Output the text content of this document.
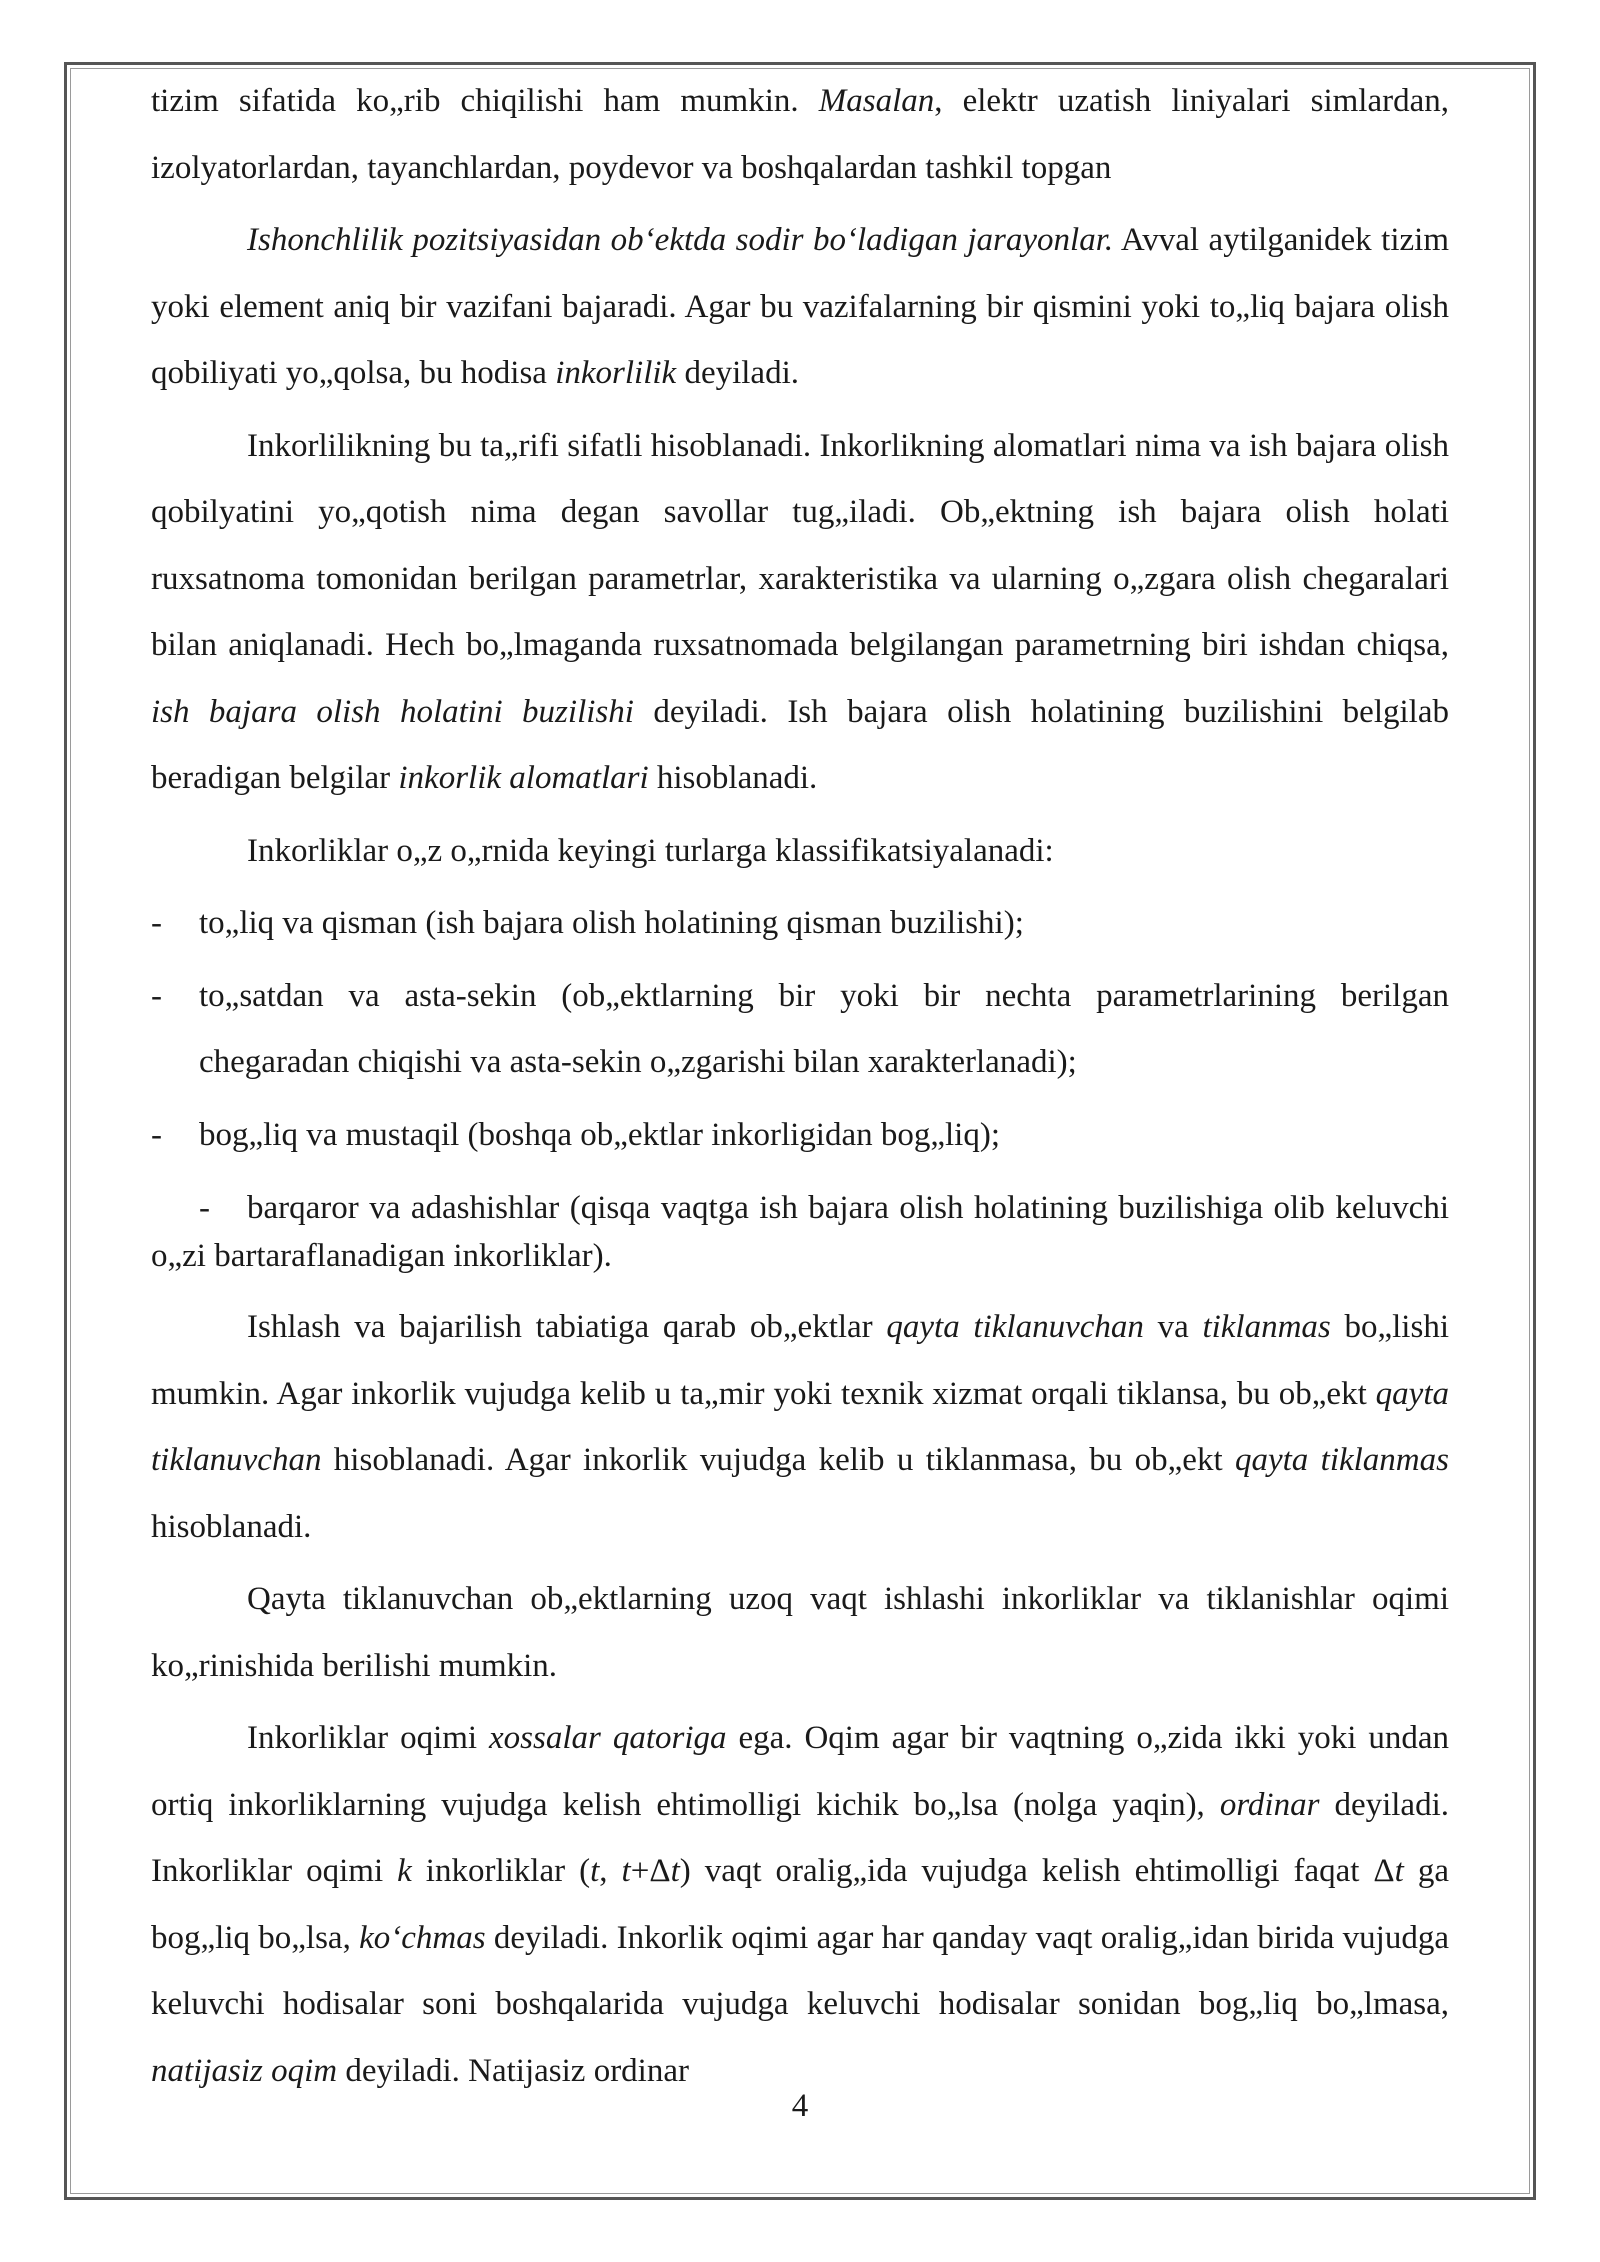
tizim sifatida ko„rib chiqilishi ham mumkin. Masalan, elektr uzatish liniyalari simlardan, izolyatorlardan, tayanchlardan, poydevor va boshqalardan tashkil topgan

Ishonchlilik pozitsiyasidan ob‘ektda sodir bo‘ladigan jarayonlar. Avval aytilganidek tizim yoki element aniq bir vazifani bajaradi. Agar bu vazifalarning bir qismini yoki to„liq bajara olish qobiliyati yo„qolsa, bu hodisa inkorlilik deyiladi.

Inkorlilikning bu ta„rifi sifatli hisoblanadi. Inkorlikning alomatlari nima va ish bajara olish qobilyatini yo„qotish nima degan savollar tug„iladi. Ob„ektning ish bajara olish holati ruxsatnoma tomonidan berilgan parametrlar, xarakteristika va ularning o„zgara olish chegaralari bilan aniqlanadi. Hech bo„lmaganda ruxsatnomada belgilangan parametrning biri ishdan chiqsa, ish bajara olish holatini buzilishi deyiladi. Ish bajara olish holatining buzilishini belgilab beradigan belgilar inkorlik alomatlari hisoblanadi.

Inkorliklar o„z o„rnida keyingi turlarga klassifikatsiyalanadi:

- to„liq va qisman (ish bajara olish holatining qisman buzilishi);

- to„satdan va asta-sekin (ob„ektlarning bir yoki bir nechta parametrlarining berilgan chegaradan chiqishi va asta-sekin o„zgarishi bilan xarakterlanadi);

- bog„liq va mustaqil (boshqa ob„ektlar inkorligidan bog„liq);

- barqaror va adashishlar (qisqa vaqtga ish bajara olish holatining buzilishiga olib keluvchi o„zi bartaraflanadigan inkorliklar).

Ishlash va bajarilish tabiatiga qarab ob„ektlar qayta tiklanuvchan va tiklanmas bo„lishi mumkin. Agar inkorlik vujudga kelib u ta„mir yoki texnik xizmat orqali tiklansa, bu ob„ekt qayta tiklanuvchan hisoblanadi. Agar inkorlik vujudga kelib u tiklanmasa, bu ob„ekt qayta tiklanmas hisoblanadi.

Qayta tiklanuvchan ob„ektlarning uzoq vaqt ishlashi inkorliklar va tiklanishlar oqimi ko„rinishida berilishi mumkin.

Inkorliklar oqimi xossalar qatoriga ega. Oqim agar bir vaqtning o„zida ikki yoki undan ortiq inkorliklarning vujudga kelish ehtimolligi kichik bo„lsa (nolga yaqin), ordinar deyiladi. Inkorliklar oqimi k inkorliklar (t, t+Δt) vaqt oralig„ida vujudga kelish ehtimolligi faqat Δt ga bog„liq bo„lsa, ko‘chmas deyiladi. Inkorlik oqimi agar har qanday vaqt oralig„idan birida vujudga keluvchi hodisalar soni boshqalarida vujudga keluvchi hodisalar sonidan bog„liq bo„lmasa, natijasiz oqim deyiladi. Natijasiz ordinar

4
